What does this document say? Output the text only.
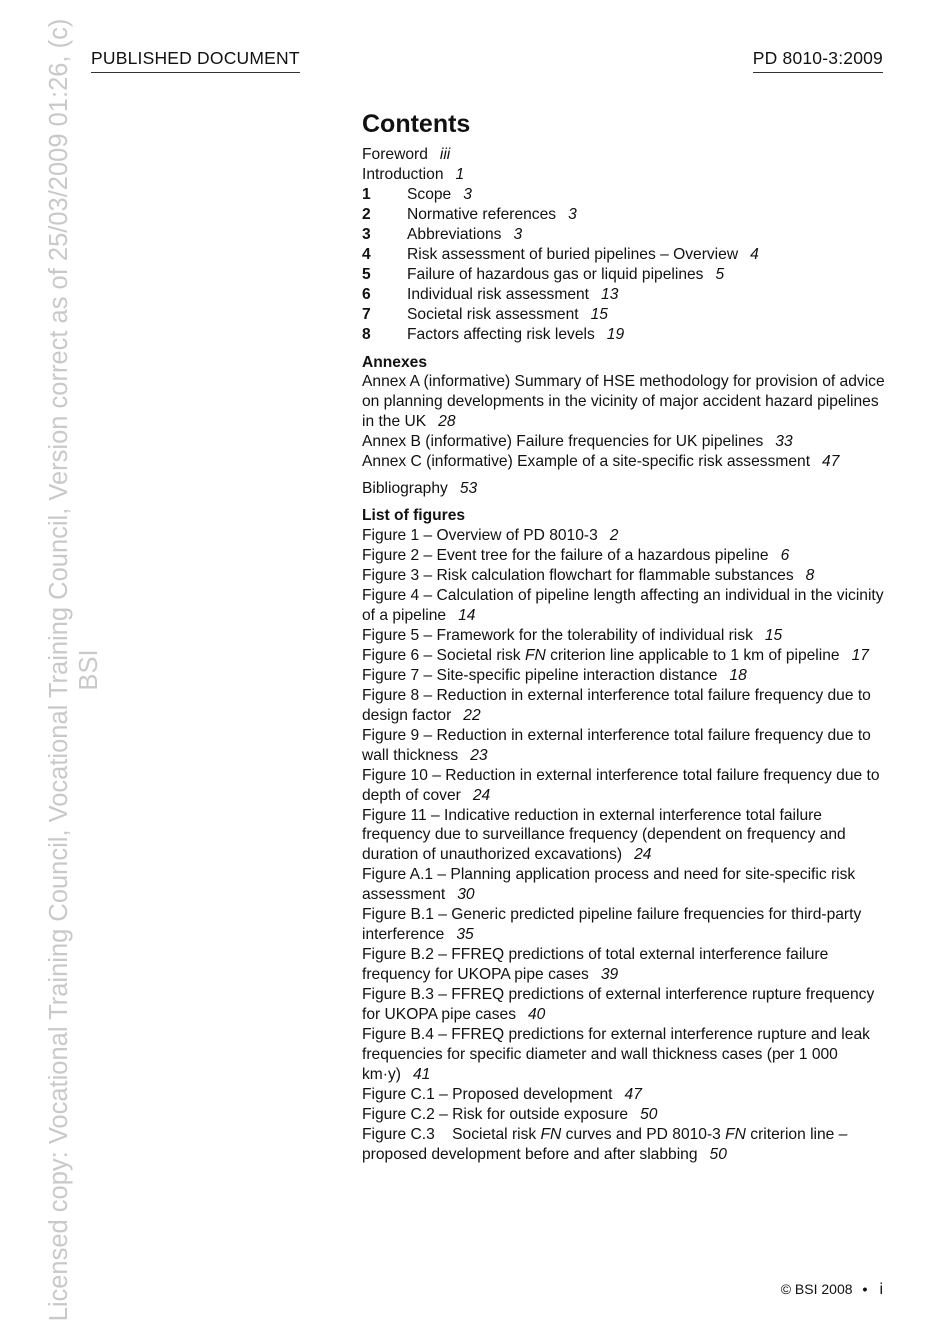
Licensed copy: Vocational Training Council, Vocational Training Council, Version correct as of 25/03/2009 01:26, (c) BSI
PUBLISHED DOCUMENT	PD 8010-3:2009
Contents
Foreword iii
Introduction 1
1	Scope 3
2	Normative references 3
3	Abbreviations 3
4	Risk assessment of buried pipelines – Overview 4
5	Failure of hazardous gas or liquid pipelines 5
6	Individual risk assessment 13
7	Societal risk assessment 15
8	Factors affecting risk levels 19
Annexes
Annex A (informative) Summary of HSE methodology for provision of advice on planning developments in the vicinity of major accident hazard pipelines in the UK 28
Annex B (informative) Failure frequencies for UK pipelines 33
Annex C (informative) Example of a site-specific risk assessment 47
Bibliography 53
List of figures
Figure 1 – Overview of PD 8010-3 2
Figure 2 – Event tree for the failure of a hazardous pipeline 6
Figure 3 – Risk calculation flowchart for flammable substances 8
Figure 4 – Calculation of pipeline length affecting an individual in the vicinity of a pipeline 14
Figure 5 – Framework for the tolerability of individual risk 15
Figure 6 – Societal risk FN criterion line applicable to 1 km of pipeline 17
Figure 7 – Site-specific pipeline interaction distance 18
Figure 8 – Reduction in external interference total failure frequency due to design factor 22
Figure 9 – Reduction in external interference total failure frequency due to wall thickness 23
Figure 10 – Reduction in external interference total failure frequency due to depth of cover 24
Figure 11 – Indicative reduction in external interference total failure frequency due to surveillance frequency (dependent on frequency and duration of unauthorized excavations) 24
Figure A.1 – Planning application process and need for site-specific risk assessment 30
Figure B.1 – Generic predicted pipeline failure frequencies for third-party interference 35
Figure B.2 – FFREQ predictions of total external interference failure frequency for UKOPA pipe cases 39
Figure B.3 – FFREQ predictions of external interference rupture frequency for UKOPA pipe cases 40
Figure B.4 – FFREQ predictions for external interference rupture and leak frequencies for specific diameter and wall thickness cases (per 1 000 km·y) 41
Figure C.1 – Proposed development 47
Figure C.2 – Risk for outside exposure 50
Figure C.3    Societal risk FN curves and PD 8010-3 FN criterion line – proposed development before and after slabbing 50
© BSI 2008 • i
